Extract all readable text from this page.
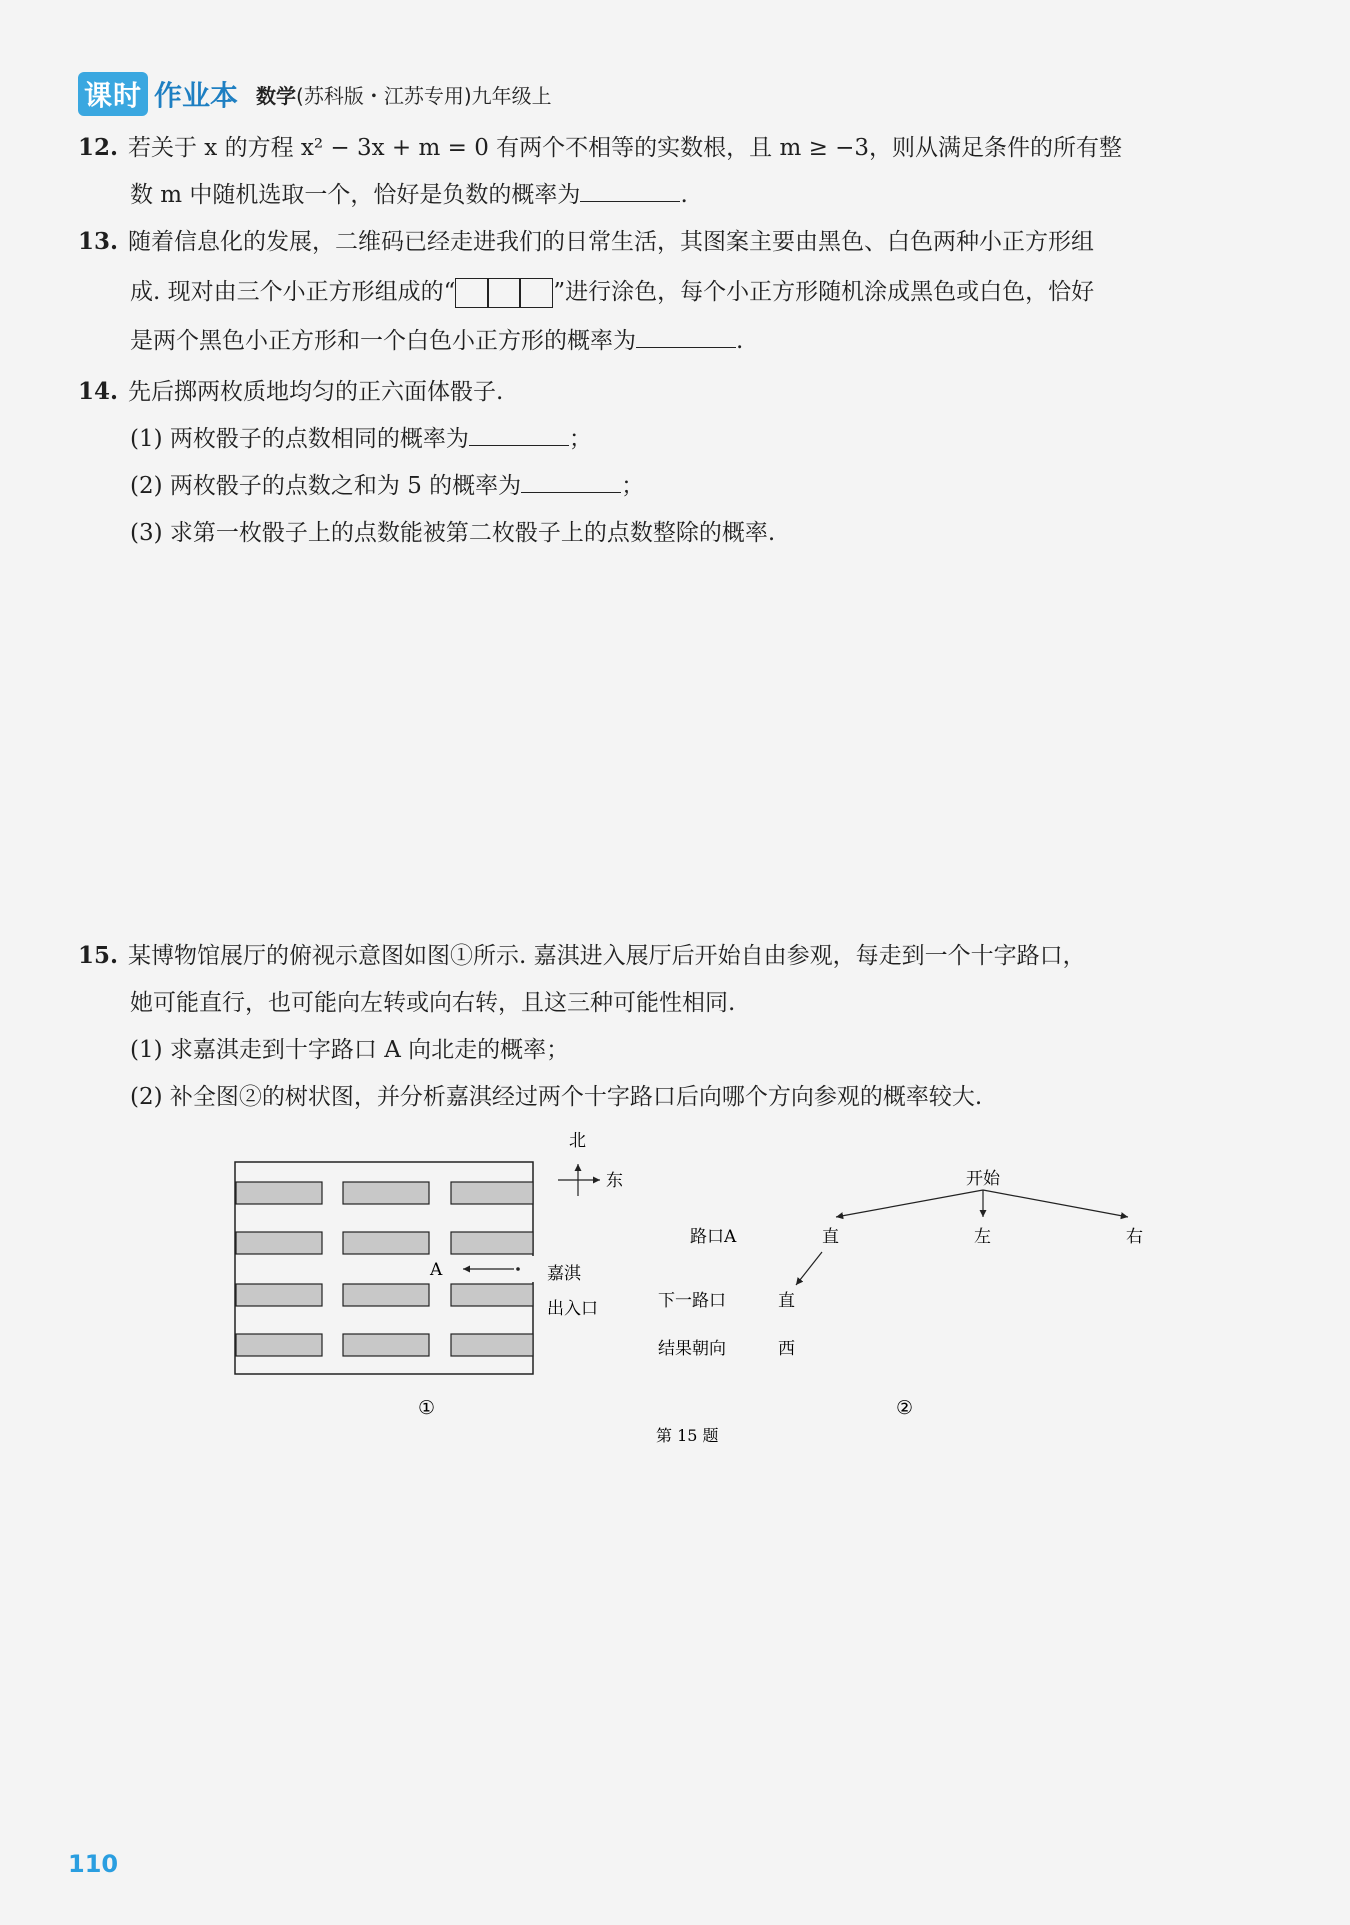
课时 作业本 数学(苏科版・江苏专用)九年级上
12. 若关于 x 的方程 x² − 3x + m = 0 有两个不相等的实数根，且 m ≥ −3，则从满足条件的所有整
数 m 中随机选取一个，恰好是负数的概率为	.
13. 随着信息化的发展，二维码已经走进我们的日常生活，其图案主要由黑色、白色两种小正方形组
成. 现对由三个小正方形组成的“	”进行涂色，每个小正方形随机涂成黑色或白色，恰好
是两个黑色小正方形和一个白色小正方形的概率为	.
14. 先后掷两枚质地均匀的正六面体骰子.
(1) 两枚骰子的点数相同的概率为	；
(2) 两枚骰子的点数之和为 5 的概率为	；
(3) 求第一枚骰子上的点数能被第二枚骰子上的点数整除的概率.
15. 某博物馆展厅的俯视示意图如图①所示. 嘉淇进入展厅后开始自由参观，每走到一个十字路口，
她可能直行，也可能向左转或向右转，且这三种可能性相同.
(1) 求嘉淇走到十字路口 A 向北走的概率；
(2) 补全图②的树状图，并分析嘉淇经过两个十字路口后向哪个方向参观的概率较大.
A	嘉淇
出入口
北
东
①
开始
路口A	直	左	右
下一路口	直
结果朝向	西
②
第 15 题
110
